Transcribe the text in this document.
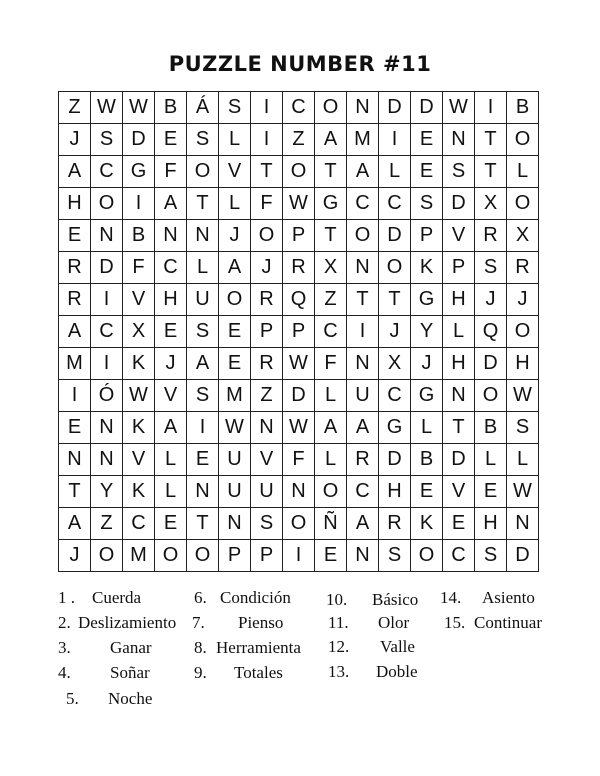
PUZZLE NUMBER #11
Z W W B Á S	I	C O N D D W I	B
J	S D E S L	I	Z A M	I	E N T O
A C G F O V T O T A L E S T	L
H O	I	A T	L	F W G C C S D X O
E N B N N J O P T O D P V R X
R D F C L A	J R X N O K P S R
R	I	V H U O R Q Z T T G H J	J
A C X E S E P P C	I	J	Y L Q O
M	I	K	J	A E R W F N X	J H D H
I	Ó W V S M Z D L U C G N O W
E N K A	I W N W A A G L	T B S
N N V L E U V F	L R D B D L	L
T Y K L N U U N O C H E V E W
A Z C E T N S O Ñ A R K E H N
J O M O O P P	I	E N S O C S D
1 . Cuerda
2. Deslizamiento
3. Ganar
4. Soñar
5. Noche
6. Condición
7. Pienso
8. Herramienta
9. Totales
10. Básico
11. Olor
12. Valle
13. Doble
14. Asiento
15. Continuar
